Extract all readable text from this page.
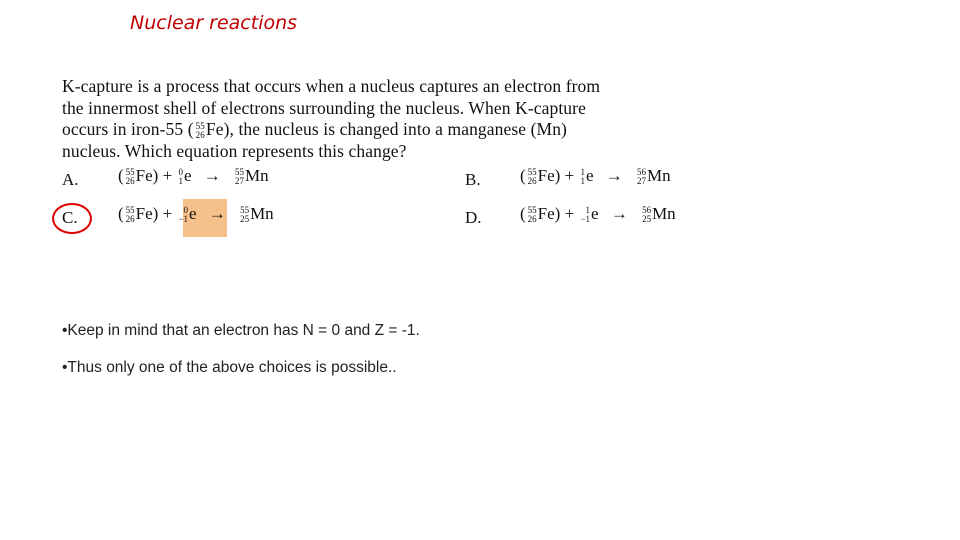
Nuclear reactions
K-capture is a process that occurs when a nucleus captures an electron from
the innermost shell of electrons surrounding the nucleus. When K-capture
occurs in iron-55 ( 55
26 Fe), the nucleus is changed into a manganese (Mn)
nucleus. Which equation represents this change?
A. ( 55
26 Fe) + 0
1 e → 55
27 Mn	B. ( 55
26 Fe) + 1
1 e → 56
27 Mn
C. ( 55
26 Fe) +	0
−1 e → 55
25 Mn	D. ( 55
26 Fe) +	1
−1 e → 56
25 Mn
•Keep in mind that an electron has N = 0 and Z = -1.
•Thus only one of the above choices is possible..
